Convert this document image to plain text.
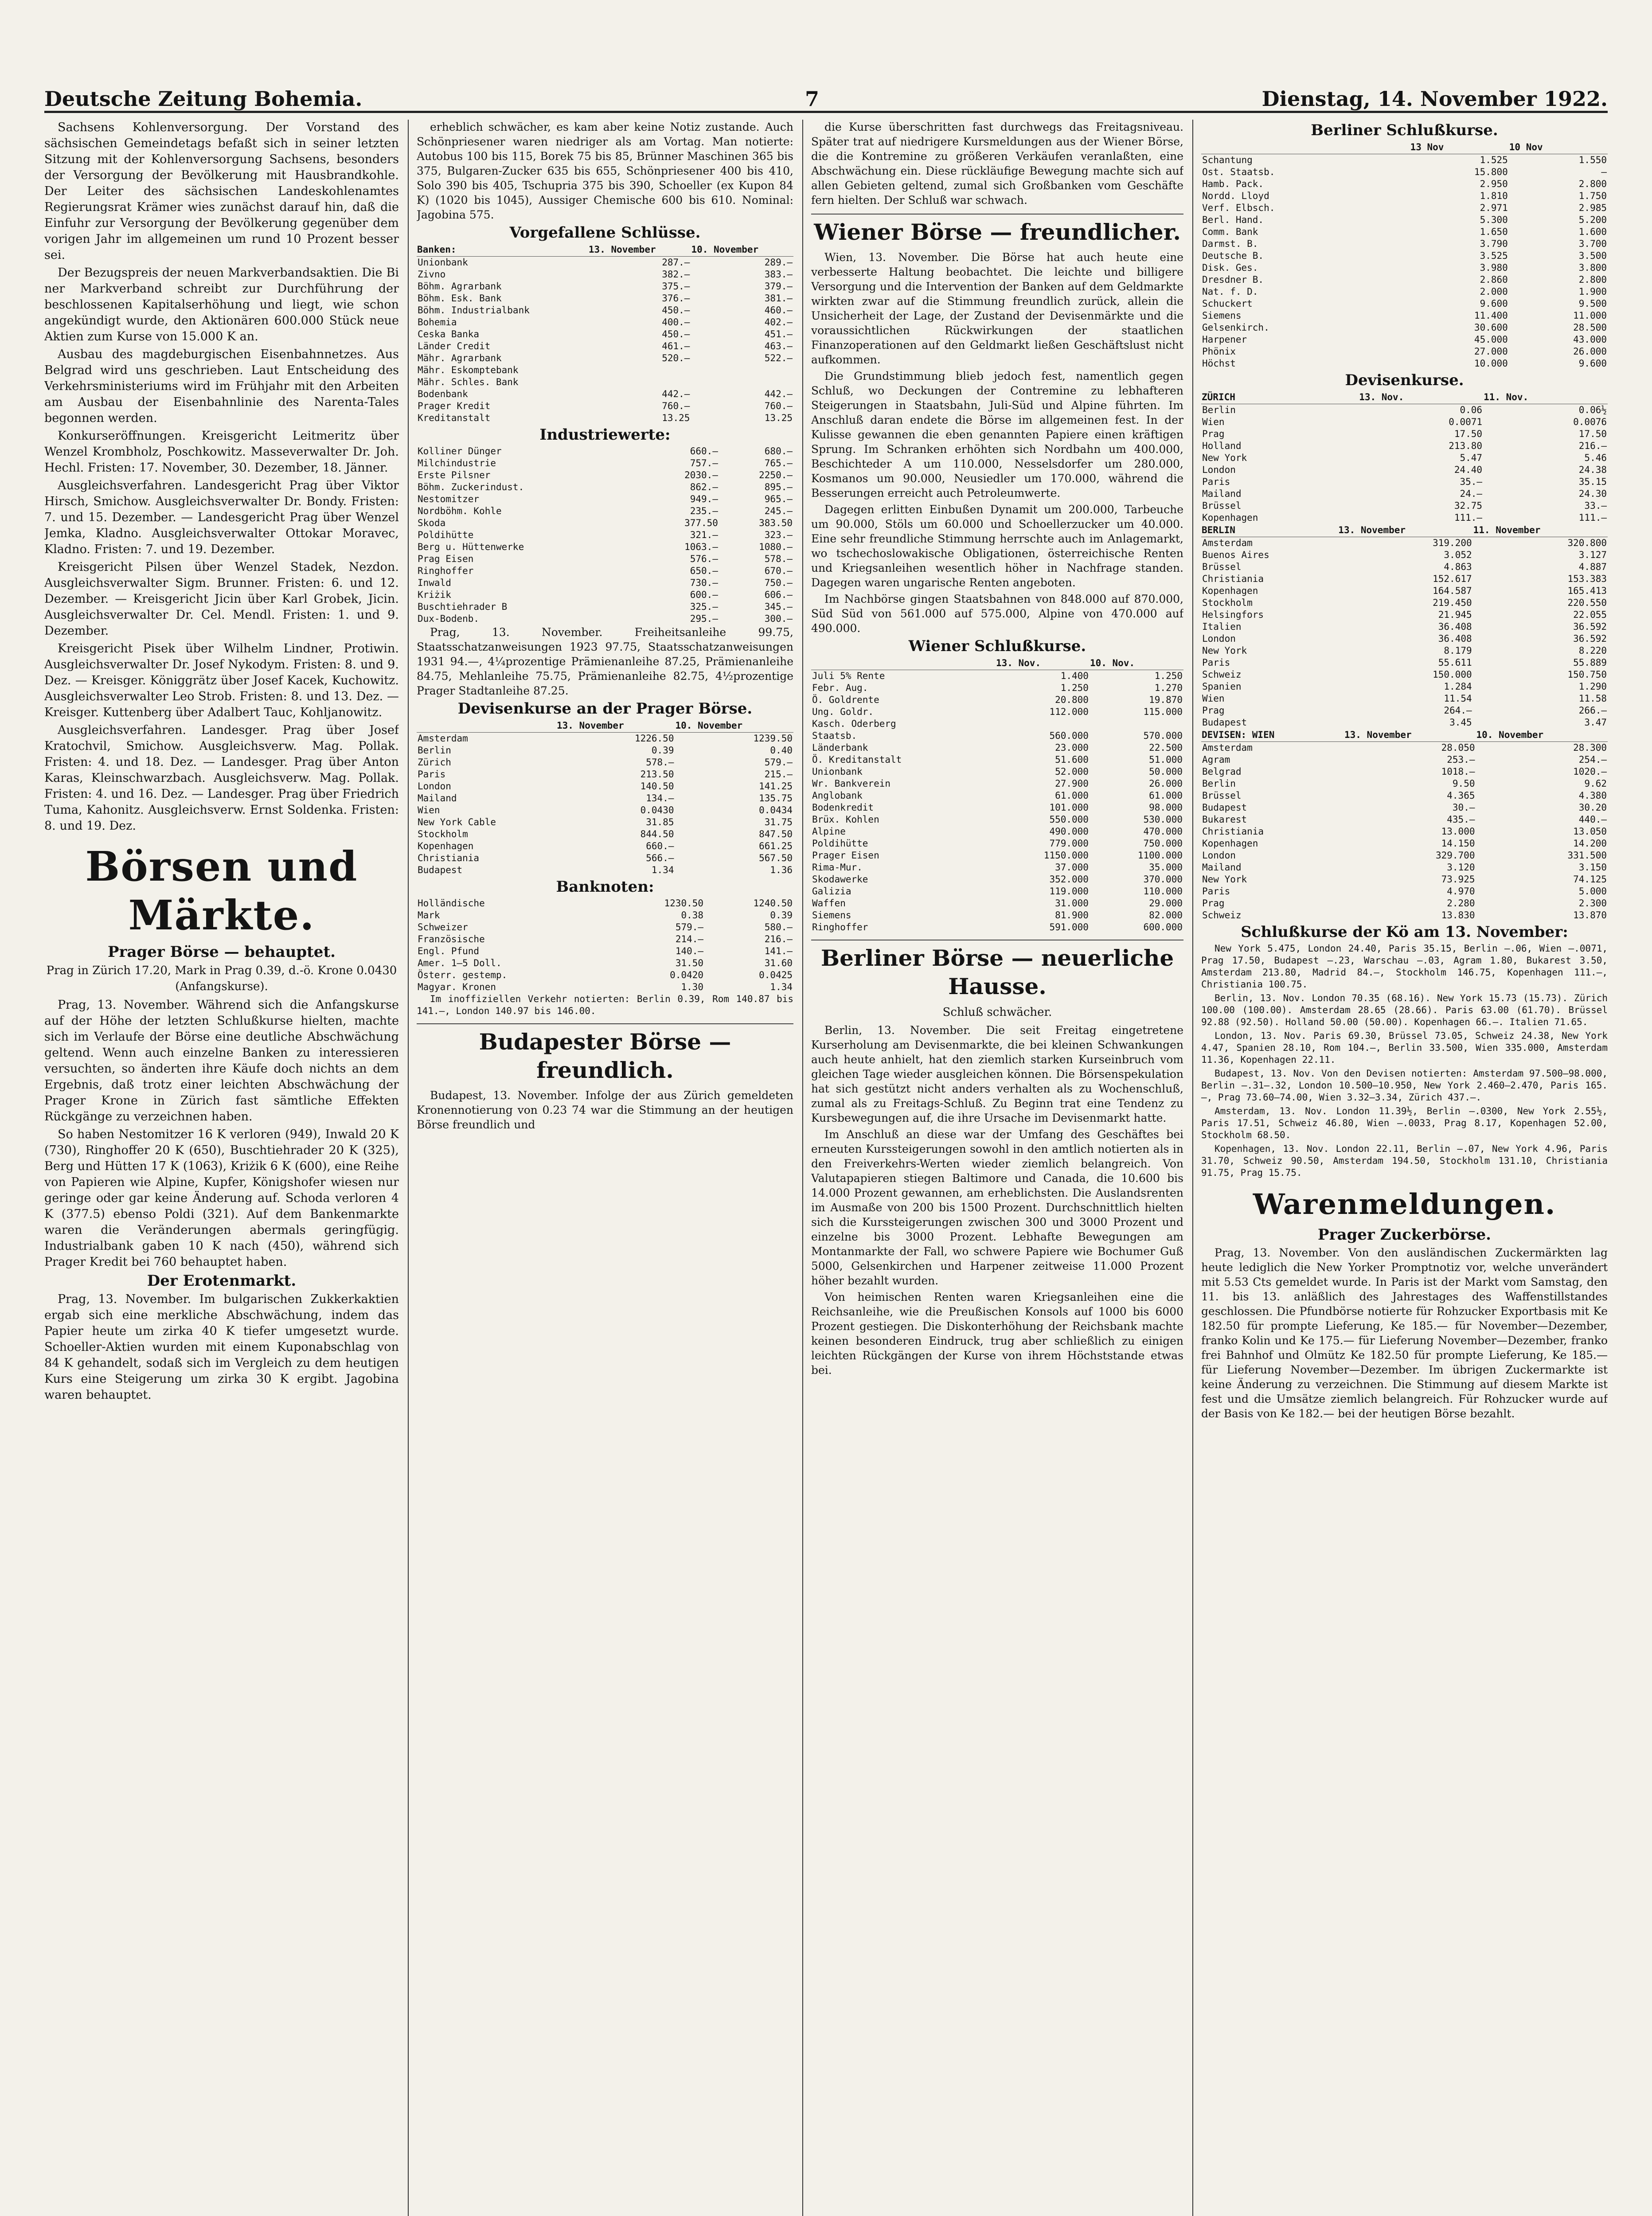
Deutsche Zeitung Bohemia.	7	Dienstag, 14. November 1922.

Sachsens Kohlenversorgung. Der Vorstand des sächsischen Gemeindetags befaßt sich in seiner letzten Sitzung mit der Kohlenversorgung Sachsens, besonders der Versorgung der Bevölkerung mit Hausbrandkohle. Der Leiter des sächsischen Landeskohlenamtes Regierungsrat Krämer wies zunächst darauf hin, daß die Einfuhr zur Versorgung der Bevölkerung gegenüber dem vorigen Jahr im allgemeinen um rund 10 Prozent besser sei.

Der Bezugspreis der neuen Markverbandsaktien. Die Bi ner Markverband schreibt zur Durchführung der beschlossenen Kapitalserhöhung und liegt, wie schon angekündigt wurde, den Aktionären 600.000 Stück neue Aktien zum Kurse von 15.000 K an.

Ausbau des magdeburgischen Eisenbahnnetzes. Aus Belgrad wird uns geschrieben. Laut Entscheidung des Verkehrsministeriums wird im Frühjahr mit den Arbeiten am Ausbau der Eisenbahnlinie des Narenta-Tales begonnen werden.

Konkurseröffnungen. Kreisgericht Leitmeritz über Wenzel Krombholz, Poschkowitz. Masseverwalter Dr. Joh. Hechl. Fristen: 17. November, 30. Dezember, 18. Jänner.

Ausgleichsverfahren. Landesgericht Prag über Viktor Hirsch, Smichow. Ausgleichsverwalter Dr. Bondy. Fristen: 7. und 15. Dezember. — Landesgericht Prag über Wenzel Jemka, Kladno. Ausgleichsverwalter Ottokar Moravec, Kladno. Fristen: 7. und 19. Dezember.

Kreisgericht Pilsen über Wenzel Stadek, Nezdon. Ausgleichsverwalter Sigm. Brunner. Fristen: 6. und 12. Dezember. — Kreisgericht Jicin über Karl Grobek, Jicin. Ausgleichsverwalter Dr. Cel. Mendl. Fristen: 1. und 9. Dezember.

Kreisgericht Pisek über Wilhelm Lindner, Protiwin. Ausgleichsverwalter Dr. Josef Nykodym. Fristen: 8. und 9. Dez. — Kreisger. Königgrätz über Josef Kacek, Kuchowitz. Ausgleichsverwalter Leo Strob. Fristen: 8. und 13. Dez. — Kreisger. Kuttenberg über Adalbert Tauc, Kohljanowitz.

Ausgleichsverfahren. Landesger. Prag über Josef Kratochvil, Smichow. Ausgleichsverw. Mag. Pollak. Fristen: 4. und 18. Dez. — Landesger. Prag über Anton Karas, Kleinschwarzbach. Ausgleichsverw. Mag. Pollak. Fristen: 4. und 16. Dez. — Landesger. Prag über Friedrich Tuma, Kahonitz. Ausgleichsverw. Ernst Soldenka. Fristen: 8. und 19. Dez.

Börsen und Märkte.
Prager Börse — behauptet.
Prag in Zürich 17.20, Mark in Prag 0.39, d.-ö. Krone 0.0430 (Anfangskurse).

Prag, 13. November. Während sich die Anfangskurse auf der Höhe der letzten Schlußkurse hielten, machte sich im Verlaufe der Börse eine deutliche Abschwächung geltend. Wenn auch einzelne Banken zu interessieren versuchten, so änderten ihre Käufe doch nichts an dem Ergebnis, daß trotz einer leichten Abschwächung der Prager Krone in Zürich fast sämtliche Effekten Rückgänge zu verzeichnen haben.

So haben Nestomitzer 16 K verloren (949), Inwald 20 K (730), Ringhoffer 20 K (650), Buschtiehrader 20 K (325), Berg und Hütten 17 K (1063), Kriżik 6 K (600), eine Reihe von Papieren wie Alpine, Kupfer, Königshofer wiesen nur geringe oder gar keine Änderung auf. Schoda verloren 4 K (377.5) ebenso Poldi (321). Auf dem Bankenmarkte waren die Veränderungen abermals geringfügig. Industrialbank gaben 10 K nach (450), während sich Prager Kredit bei 760 behauptet haben.

Der Erotenmarkt.

Prag, 13. November. Im bulgarischen Zukkerkaktien ergab sich eine merkliche Abschwächung, indem das Papier heute um zirka 40 K tiefer umgesetzt wurde. Schoeller-Aktien wurden mit einem Kuponabschlag von 84 K gehandelt, sodaß sich im Vergleich zu dem heutigen Kurs eine Steigerung um zirka 30 K ergibt. Jagobina waren behauptet.

erheblich schwächer, es kam aber keine Notiz zustande. Auch Schönpriesener waren niedriger als am Vortag. Man notierte: Autobus 100 bis 115, Borek 75 bis 85, Brünner Maschinen 365 bis 375, Bulgaren-Zucker 635 bis 655, Schönpriesener 400 bis 410, Solo 390 bis 405, Tschupria 375 bis 390, Schoeller (ex Kupon 84 K) (1020 bis 1045), Aussiger Chemische 600 bis 610. Nominal: Jagobina 575.

Vorgefallene Schlüsse.
Banken:	13. November	10. November
Unionbank	287.—	289.—
Zivno	382.—	383.—
Böhm. Agrarbank	375.—	379.—
Böhm. Esk. Bank	376.—	381.—
Böhm. Industrialbank	450.—	460.—
Bohemia	400.—	402.—
Ceska Banka	450.—	451.—
Länder Credit	461.—	463.—
Mähr. Agrarbank	520.—	522.—
Mähr. Eskomptebank		
Mähr. Schles. Bank		
Bodenbank	442.—	442.—
Prager Kredit	760.—	760.—
Kreditanstalt	13.25	13.25
Industriewerte:
Kolliner Dünger	660.—	680.—
Milchindustrie	757.—	765.—
Erste Pilsner	2030.—	2250.—
Böhm. Zuckerindust.	862.—	895.—
Nestomitzer	949.—	965.—
Nordböhm. Kohle	235.—	245.—
Skoda	377.50	383.50
Poldihütte	321.—	323.—
Berg u. Hüttenwerke	1063.—	1080.—
Prag Eisen	576.—	578.—
Ringhoffer	650.—	670.—
Inwald	730.—	750.—
Kriżik	600.—	606.—
Buschtiehrader B	325.—	345.—
Dux-Bodenb.	295.—	300.—

Prag, 13. November. Freiheitsanleihe 99.75, Staatsschatzanweisungen 1923 97.75, Staatsschatzanweisungen 1931 94.—, 4¼prozentige Prämienanleihe 87.25, Prämienanleihe 84.75, Mehlanleihe 75.75, Prämienanleihe 82.75, 4½prozentige Prager Stadtanleihe 87.25.

Devisenkurse an der Prager Börse.
	13. November	10. November
Amsterdam	1226.50	1239.50
Berlin	0.39	0.40
Zürich	578.—	579.—
Paris	213.50	215.—
London	140.50	141.25
Mailand	134.—	135.75
Wien	0.0430	0.0434
New York Cable	31.85	31.75
Stockholm	844.50	847.50
Kopenhagen	660.—	661.25
Christiania	566.—	567.50
Budapest	1.34	1.36
Banknoten:
Holländische	1230.50	1240.50
Mark	0.38	0.39
Schweizer	579.—	580.—
Französische	214.—	216.—
Engl. Pfund	140.—	141.—
Amer. 1–5 Doll.	31.50	31.60
Österr. gestemp.	0.0420	0.0425
Magyar. Kronen	1.30	1.34

Im inoffiziellen Verkehr notierten: Berlin 0.39, Rom 140.87 bis 141.—, London 140.97 bis 146.00.

Budapester Börse — freundlich.

Budapest, 13. November. Infolge der aus Zürich gemeldeten Kronennotierung von 0.23 74 war die Stimmung an der heutigen Börse freundlich und

die Kurse überschritten fast durchwegs das Freitagsniveau. Später trat auf niedrigere Kursmeldungen aus der Wiener Börse, die die Kontremine zu größeren Verkäufen veranlaßten, eine Abschwächung ein. Diese rückläufige Bewegung machte sich auf allen Gebieten geltend, zumal sich Großbanken vom Geschäfte fern hielten. Der Schluß war schwach.

Wiener Börse — freundlicher.

Wien, 13. November. Die Börse hat auch heute eine verbesserte Haltung beobachtet. Die leichte und billigere Versorgung und die Intervention der Banken auf dem Geldmarkte wirkten zwar auf die Stimmung freundlich zurück, allein die Unsicherheit der Lage, der Zustand der Devisenmärkte und die voraussichtlichen Rückwirkungen der staatlichen Finanzoperationen auf den Geldmarkt ließen Geschäftslust nicht aufkommen.

Die Grundstimmung blieb jedoch fest, namentlich gegen Schluß, wo Deckungen der Contremine zu lebhafteren Steigerungen in Staatsbahn, Juli-Süd und Alpine führten. Im Anschluß daran endete die Börse im allgemeinen fest. In der Kulisse gewannen die eben genannten Papiere einen kräftigen Sprung. Im Schranken erhöhten sich Nordbahn um 400.000, Beschichteder A um 110.000, Nesselsdorfer um 280.000, Kosmanos um 90.000, Neusiedler um 170.000, während die Besserungen erreicht auch Petroleumwerte.

Dagegen erlitten Einbußen Dynamit um 200.000, Tarbeuche um 90.000, Stöls um 60.000 und Schoellerzucker um 40.000. Eine sehr freundliche Stimmung herrschte auch im Anlagemarkt, wo tschechoslowakische Obligationen, österreichische Renten und Kriegsanleihen wesentlich höher in Nachfrage standen. Dagegen waren ungarische Renten angeboten.

Im Nachbörse gingen Staatsbahnen von 848.000 auf 870.000, Süd Süd von 561.000 auf 575.000, Alpine von 470.000 auf 490.000.

Wiener Schlußkurse.
	13. Nov.	10. Nov.
Juli 5% Rente	1.400	1.250
Febr. Aug.	1.250	1.270
Ö. Goldrente	20.800	19.870
Ung. Goldr.	112.000	115.000
Kasch. Oderberg		
Staatsb.	560.000	570.000
Länderbank	23.000	22.500
Ö. Kreditanstalt	51.600	51.000
Unionbank	52.000	50.000
Wr. Bankverein	27.900	26.000
Anglobank	61.000	61.000
Bodenkredit	101.000	98.000
Brüx. Kohlen	550.000	530.000
Alpine	490.000	470.000
Poldihütte	779.000	750.000
Prager Eisen	1150.000	1100.000
Rima-Mur.	37.000	35.000
Skodawerke	352.000	370.000
Galizia	119.000	110.000
Waffen	31.000	29.000
Siemens	81.900	82.000
Ringhoffer	591.000	600.000
Berliner Börse — neuerliche Hausse.
Schluß schwächer.

Berlin, 13. November. Die seit Freitag eingetretene Kurserholung am Devisenmarkte, die bei kleinen Schwankungen auch heute anhielt, hat den ziemlich starken Kurseinbruch vom gleichen Tage wieder ausgleichen können. Die Börsenspekulation hat sich gestützt nicht anders verhalten als zu Wochenschluß, zumal als zu Freitags-Schluß. Zu Beginn trat eine Tendenz zu Kursbewegungen auf, die ihre Ursache im Devisenmarkt hatte.

Im Anschluß an diese war der Umfang des Geschäftes bei erneuten Kurssteigerungen sowohl in den amtlich notierten als in den Freiverkehrs-Werten wieder ziemlich belangreich. Von Valutapapieren stiegen Baltimore und Canada, die 10.600 bis 14.000 Prozent gewannen, am erheblichsten. Die Auslandsrenten im Ausmaße von 200 bis 1500 Prozent. Durchschnittlich hielten sich die Kurssteigerungen zwischen 300 und 3000 Prozent und einzelne bis 3000 Prozent. Lebhafte Bewegungen am Montanmarkte der Fall, wo schwere Papiere wie Bochumer Guß 5000, Gelsenkirchen und Harpener zeitweise 11.000 Prozent höher bezahlt wurden.

Von heimischen Renten waren Kriegsanleihen eine die Reichsanleihe, wie die Preußischen Konsols auf 1000 bis 6000 Prozent gestiegen. Die Diskonterhöhung der Reichsbank machte keinen besonderen Eindruck, trug aber schließlich zu einigen leichten Rückgängen der Kurse von ihrem Höchststande etwas bei.

Berliner Schlußkurse.
	13 Nov	10 Nov
Schantung	1.525	1.550
Ost. Staatsb.	15.800	—
Hamb. Pack.	2.950	2.800
Nordd. Lloyd	1.810	1.750
Verf. Elbsch.	2.971	2.985
Berl. Hand.	5.300	5.200
Comm. Bank	1.650	1.600
Darmst. B.	3.790	3.700
Deutsche B.	3.525	3.500
Disk. Ges.	3.980	3.800
Dresdner B.	2.860	2.800
Nat. f. D.	2.000	1.900
Schuckert	9.600	9.500
Siemens	11.400	11.000
Gelsenkirch.	30.600	28.500
Harpener	45.000	43.000
Phönix	27.000	26.000
Höchst	10.000	9.600
Devisenkurse.
ZÜRICH	13. Nov.	11. Nov.
Berlin	0.06	0.06½
Wien	0.0071	0.0076
Prag	17.50	17.50
Holland	213.80	216.—
New York	5.47	5.46
London	24.40	24.38
Paris	35.—	35.15
Mailand	24.—	24.30
Brüssel	32.75	33.—
Kopenhagen	111.—	111.—
BERLIN	13. November	11. November
Amsterdam	319.200	320.800
Buenos Aires	3.052	3.127
Brüssel	4.863	4.887
Christiania	152.617	153.383
Kopenhagen	164.587	165.413
Stockholm	219.450	220.550
Helsingfors	21.945	22.055
Italien	36.408	36.592
London	36.408	36.592
New York	8.179	8.220
Paris	55.611	55.889
Schweiz	150.000	150.750
Spanien	1.284	1.290
Wien	11.54	11.58
Prag	264.—	266.—
Budapest	3.45	3.47
DEVISEN: WIEN	13. November	10. November
Amsterdam	28.050	28.300
Agram	253.—	254.—
Belgrad	1018.—	1020.—
Berlin	9.50	9.62
Brüssel	4.365	4.380
Budapest	30.—	30.20
Bukarest	435.—	440.—
Christiania	13.000	13.050
Kopenhagen	14.150	14.200
London	329.700	331.500
Mailand	3.120	3.150
New York	73.925	74.125
Paris	4.970	5.000
Prag	2.280	2.300
Schweiz	13.830	13.870
Schlußkurse der Kö am 13. November:

New York 5.475, London 24.40, Paris 35.15, Berlin —.06, Wien —.0071, Prag 17.50, Budapest —.23, Warschau —.03, Agram 1.80, Bukarest 3.50, Amsterdam 213.80, Madrid 84.—, Stockholm 146.75, Kopenhagen 111.—, Christiania 100.75.

Berlin, 13. Nov. London 70.35 (68.16). New York 15.73 (15.73). Zürich 100.00 (100.00). Amsterdam 28.65 (28.66). Paris 63.00 (61.70). Brüssel 92.88 (92.50). Holland 50.00 (50.00). Kopenhagen 66.—. Italien 71.65.

London, 13. Nov. Paris 69.30, Brüssel 73.05, Schweiz 24.38, New York 4.47, Spanien 28.10, Rom 104.—, Berlin 33.500, Wien 335.000, Amsterdam 11.36, Kopenhagen 22.11.

Budapest, 13. Nov. Von den Devisen notierten: Amsterdam 97.500—98.000, Berlin —.31—.32, London 10.500—10.950, New York 2.460—2.470, Paris 165.—, Prag 73.60—74.00, Wien 3.32—3.34, Zürich 437.—.

Amsterdam, 13. Nov. London 11.39½, Berlin —.0300, New York 2.55½, Paris 17.51, Schweiz 46.80, Wien —.0033, Prag 8.17, Kopenhagen 52.00, Stockholm 68.50.

Kopenhagen, 13. Nov. London 22.11, Berlin —.07, New York 4.96, Paris 31.70, Schweiz 90.50, Amsterdam 194.50, Stockholm 131.10, Christiania 91.75, Prag 15.75.

Warenmeldungen.
Prager Zuckerbörse.

Prag, 13. November. Von den ausländischen Zuckermärkten lag heute lediglich die New Yorker Promptnotiz vor, welche unverändert mit 5.53 Cts gemeldet wurde. In Paris ist der Markt vom Samstag, den 11. bis 13. anläßlich des Jahrestages des Waffenstillstandes geschlossen. Die Pfundbörse notierte für Rohzucker Exportbasis mit Ke 182.50 für prompte Lieferung, Ke 185.— für November—Dezember, franko Kolin und Ke 175.— für Lieferung November—Dezember, franko frei Bahnhof und Olmütz Ke 182.50 für prompte Lieferung, Ke 185.— für Lieferung November—Dezember. Im übrigen Zuckermarkte ist keine Änderung zu verzeichnen. Die Stimmung auf diesem Markte ist fest und die Umsätze ziemlich belangreich. Für Rohzucker wurde auf der Basis von Ke 182.— bei der heutigen Börse bezahlt.
